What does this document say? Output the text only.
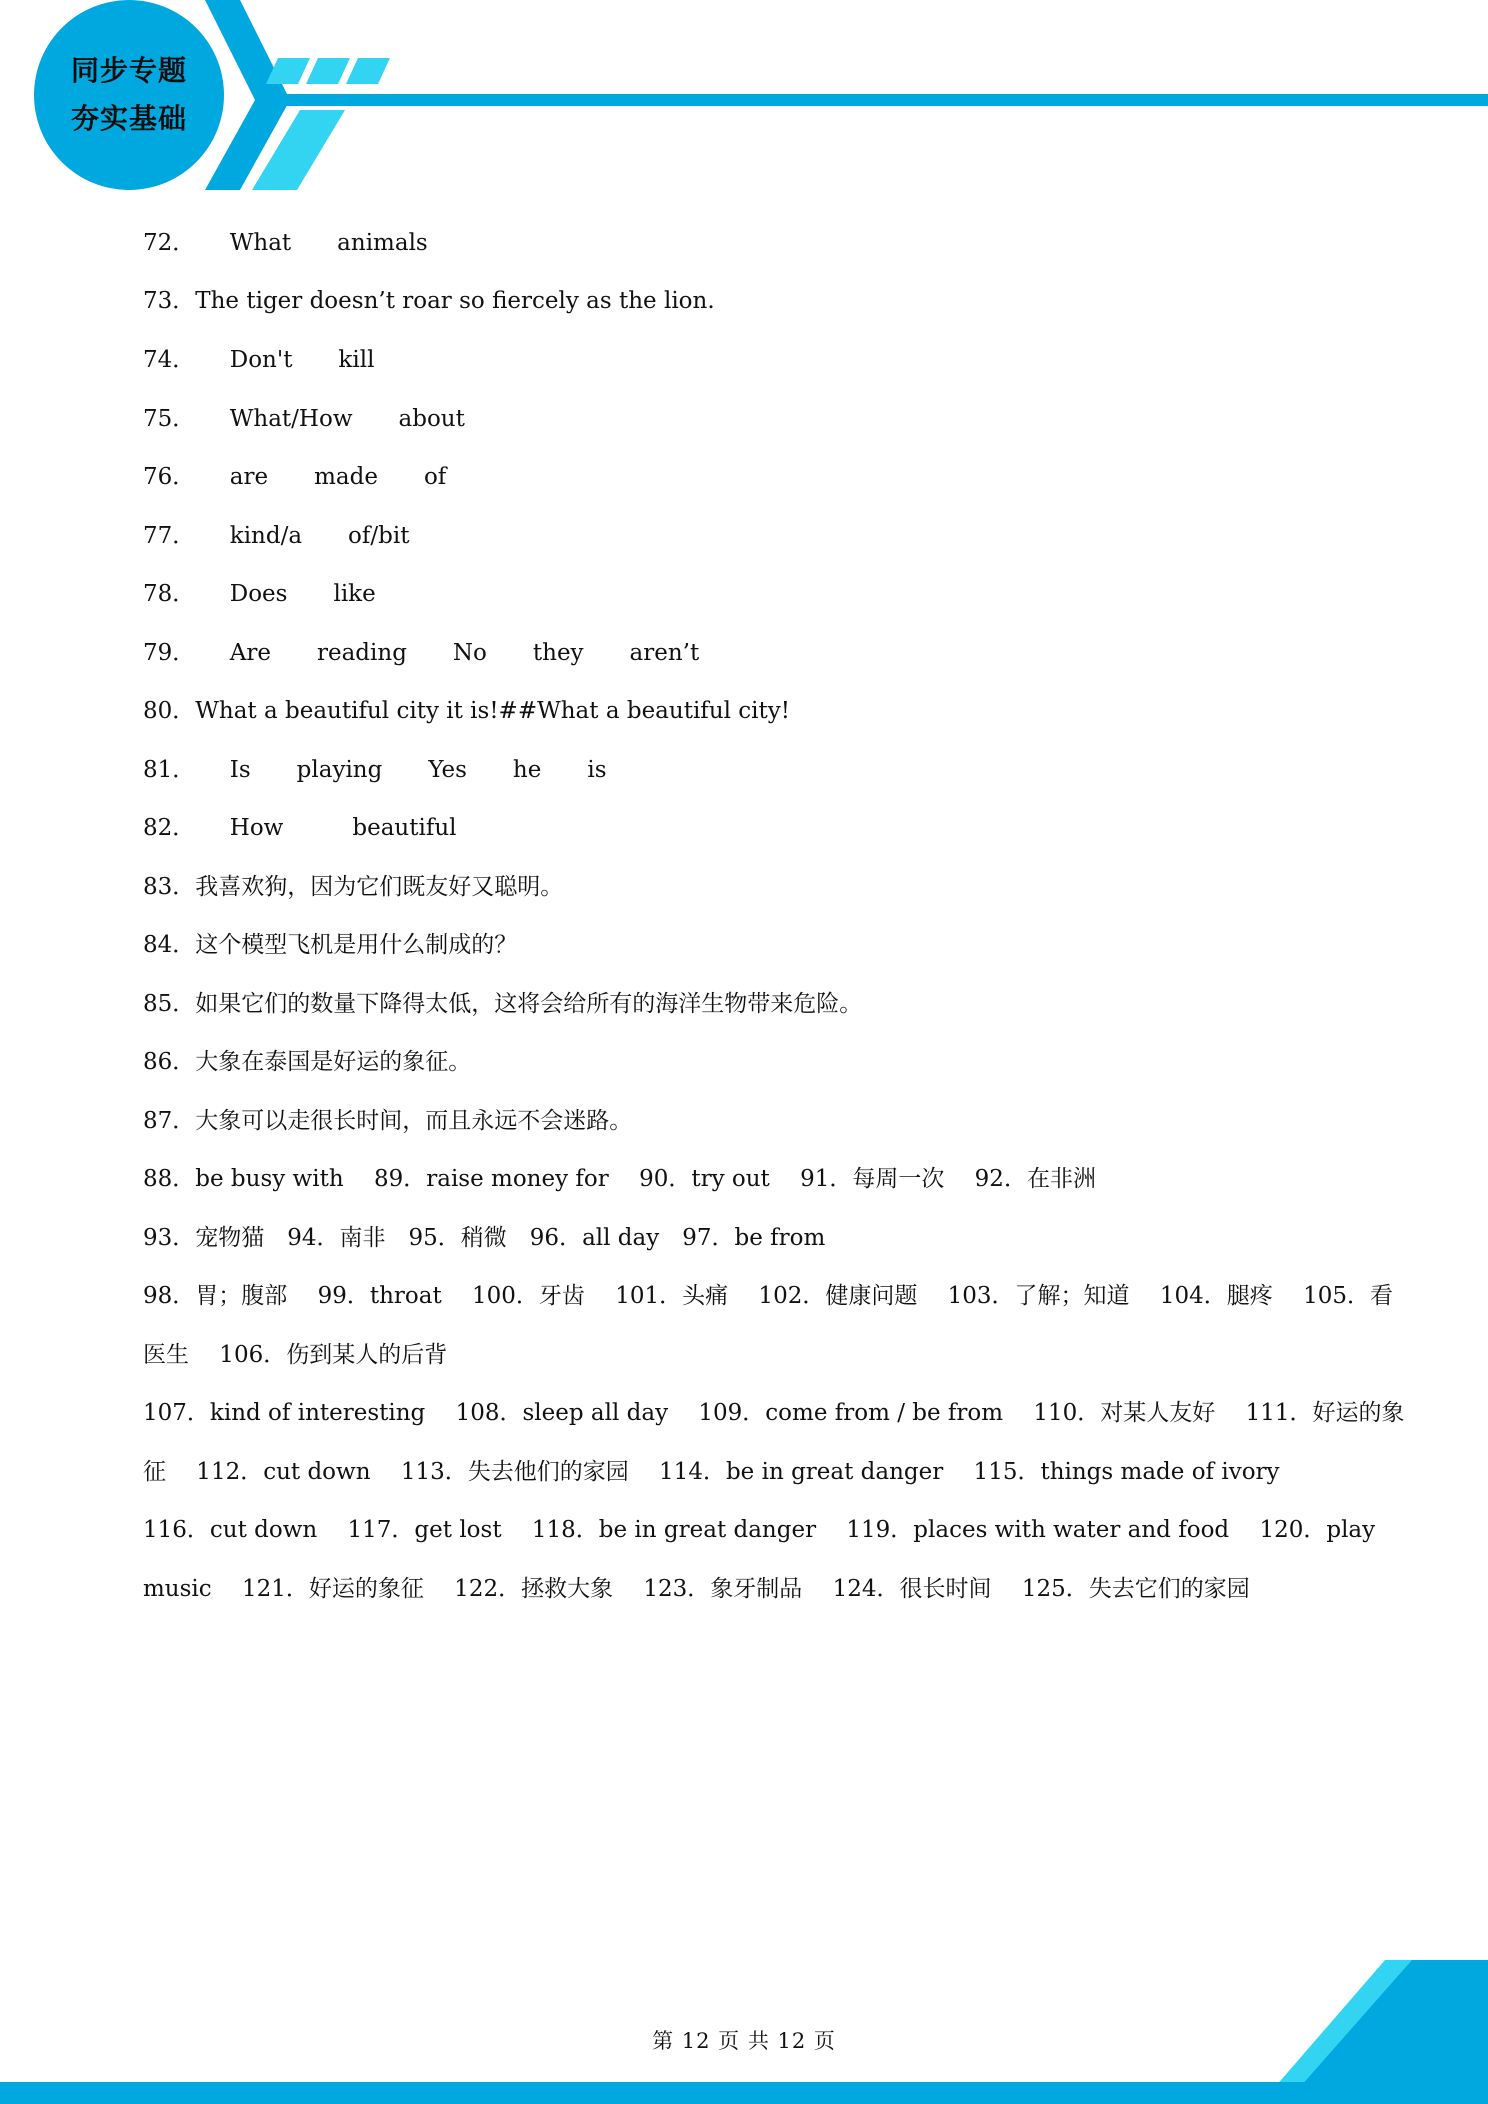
同步专题
夯实基础
72．　　What　　animals
73．The tiger doesn’t roar so fiercely as the lion.
74．　　Don't　　kill
75．　　What/How　　about
76．　　are　　made　　of
77．　　kind/a　　of/bit
78．　　Does　　like
79．　　Are　　reading　　No　　they　　aren’t
80．What a beautiful city it is!##What a beautiful city!
81．　　Is　　playing　　Yes　　he　　is
82．　　How　　　beautiful
83．我喜欢狗，因为它们既友好又聪明。
84．这个模型飞机是用什么制成的？
85．如果它们的数量下降得太低，这将会给所有的海洋生物带来危险。
86．大象在泰国是好运的象征。
87．大象可以走很长时间，而且永远不会迷路。
88．be busy with　 89．raise money for　 90．try out　 91．每周一次　 92．在非洲
93．宠物猫　94．南非　95．稍微　96．all day　97．be from
98．胃；腹部　 99．throat　 100．牙齿　 101．头痛　 102．健康问题　 103．了解；知道　 104．腿疼　 105．看
医生　 106．伤到某人的后背
107．kind of interesting　 108．sleep all day　 109．come from / be from　 110．对某人友好　 111．好运的象
征　 112．cut down　 113．失去他们的家园　 114．be in great danger　 115．things made of ivory
116．cut down　 117．get lost　 118．be in great danger　 119．places with water and food　 120．play
music　 121．好运的象征　 122．拯救大象　 123．象牙制品　 124．很长时间　 125．失去它们的家园
第 12 页 共 12 页
